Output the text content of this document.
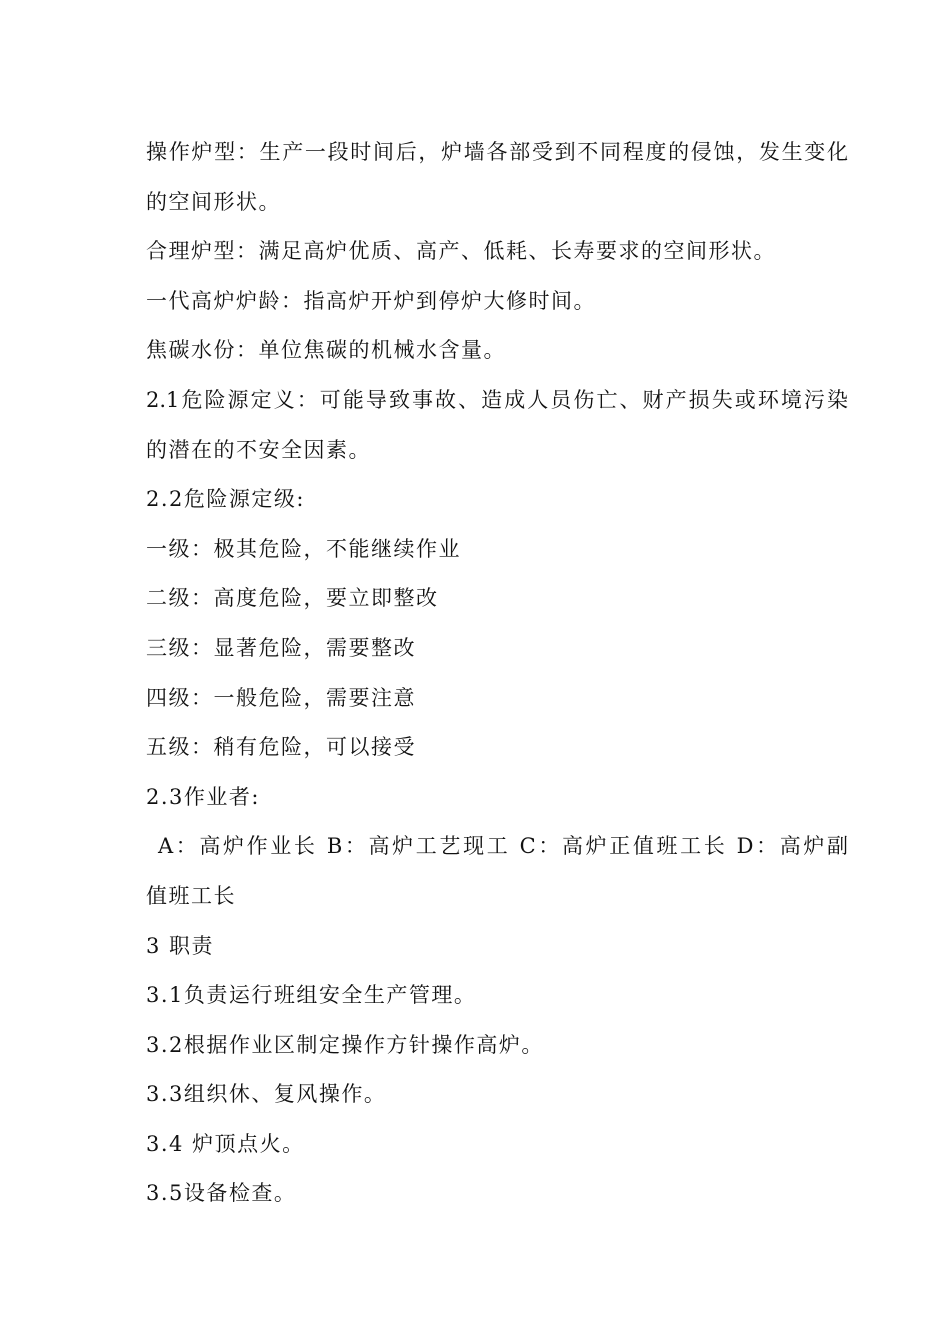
操作炉型：生产一段时间后，炉墙各部受到不同程度的侵蚀，发生变化
的空间形状。
合理炉型：满足高炉优质、高产、低耗、长寿要求的空间形状。
一代高炉炉龄：指高炉开炉到停炉大修时间。
焦碳水份：单位焦碳的机械水含量。
2.1危险源定义：可能导致事故、造成人员伤亡、财产损失或环境污染
的潜在的不安全因素。
2.2危险源定级:
一级：极其危险，不能继续作业
二级：高度危险，要立即整改
三级：显著危险，需要整改
四级：一般危险，需要注意
五级：稍有危险，可以接受
2.3作业者:
A：高炉作业长 B：高炉工艺现工 C：高炉正值班工长 D：高炉副
值班工长
3 职责
3.1负责运行班组安全生产管理。
3.2根据作业区制定操作方针操作高炉。
3.3组织休、复风操作。
3.4 炉顶点火。
3.5设备检查。
